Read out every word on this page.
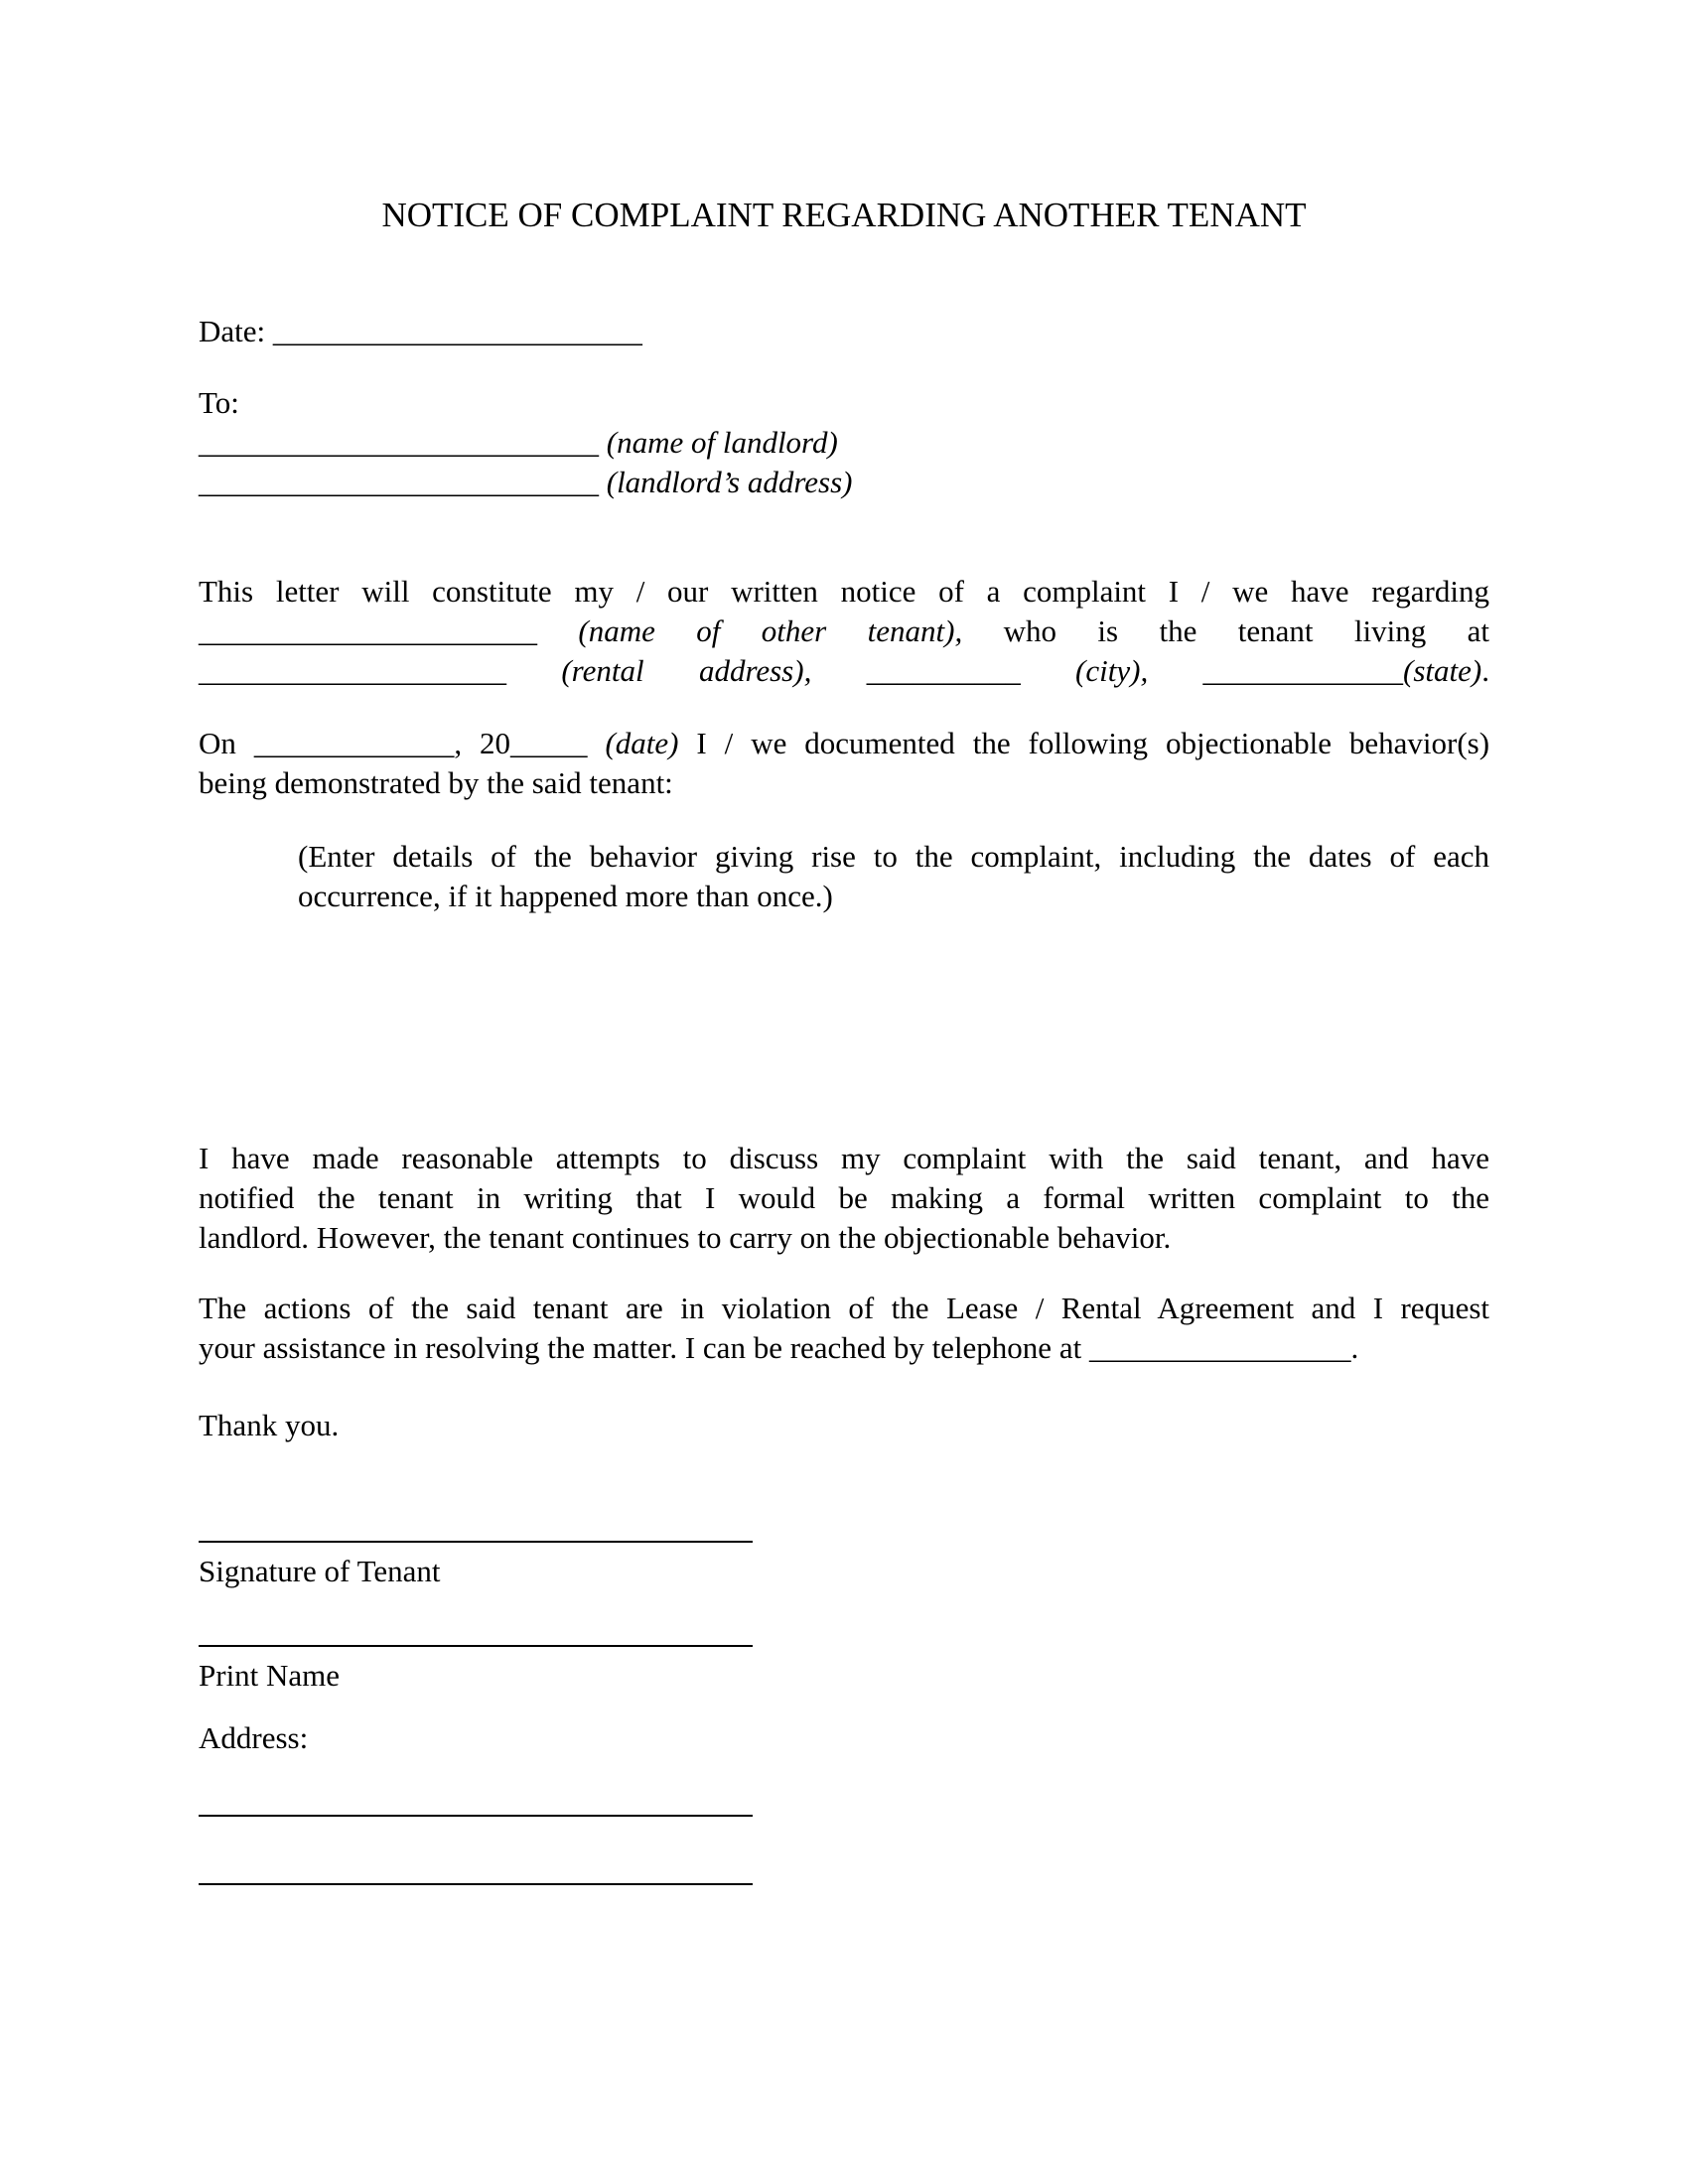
NOTICE OF COMPLAINT REGARDING ANOTHER TENANT
Date: ________________________
To:
__________________________ (name of landlord)
__________________________ (landlord’s address)
This letter will constitute my / our written notice of a complaint I / we have regarding
______________________ (name of other tenant), who is the tenant living at
____________________ (rental address), __________ (city), _____________(state).
On _____________, 20_____ (date) I / we documented the following objectionable behavior(s)
being demonstrated by the said tenant:
(Enter details of the behavior giving rise to the complaint, including the dates of each
occurrence, if it happened more than once.)
I have made reasonable attempts to discuss my complaint with the said tenant, and have
notified the tenant in writing that I would be making a formal written complaint to the
landlord. However, the tenant continues to carry on the objectionable behavior.
The actions of the said tenant are in violation of the Lease / Rental Agreement and I request
your assistance in resolving the matter. I can be reached by telephone at _________________.
Thank you.
Signature of Tenant
Print Name
Address:
